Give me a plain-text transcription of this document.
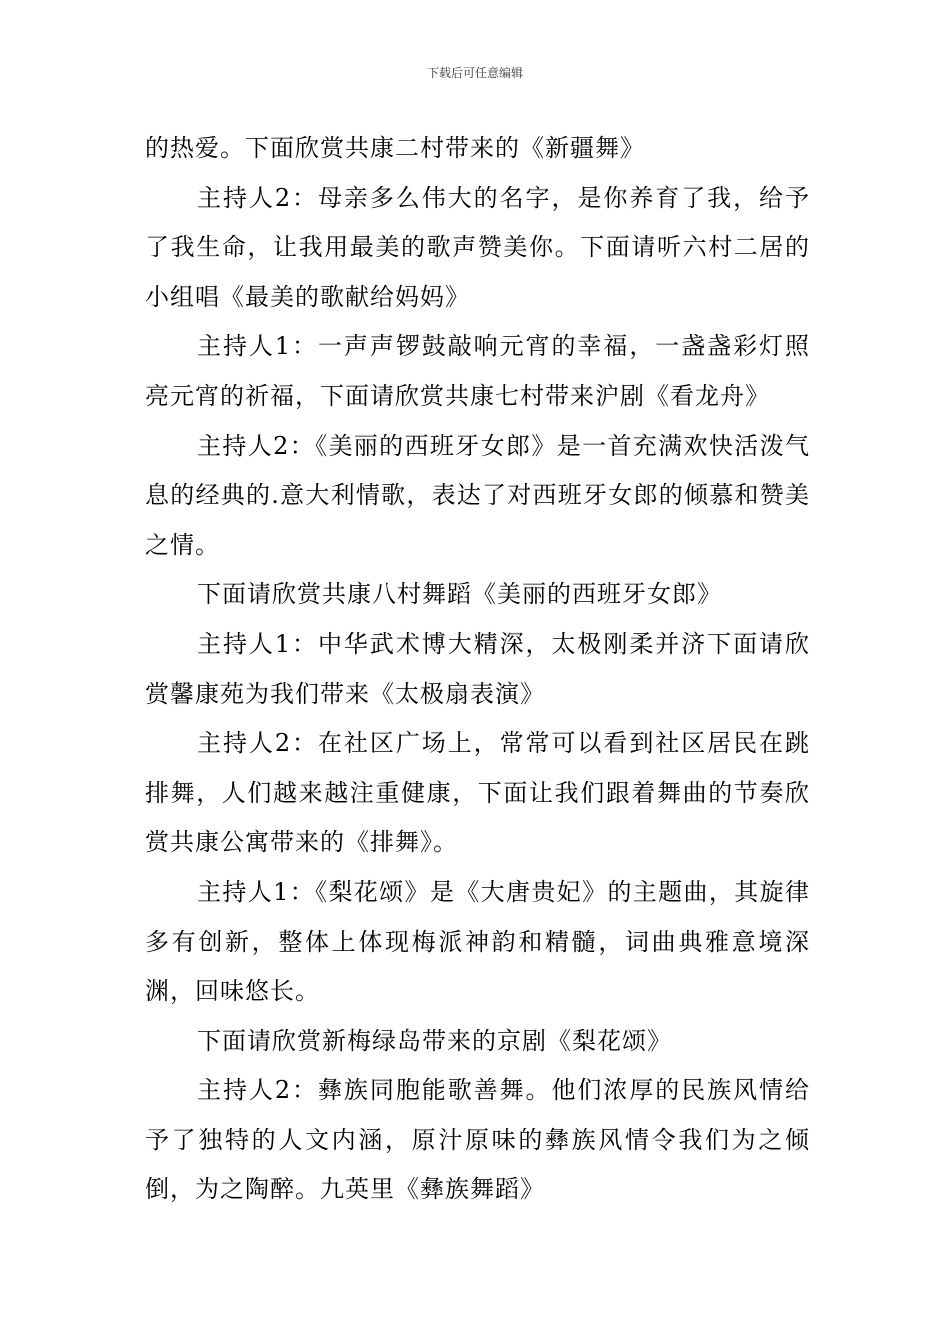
下载后可任意编辑

的热爱。下面欣赏共康二村带来的《新疆舞》

主持人2：母亲多么伟大的名字，是你养育了我，给予了我生命，让我用最美的歌声赞美你。下面请听六村二居的小组唱《最美的歌献给妈妈》

主持人1：一声声锣鼓敲响元宵的幸福，一盏盏彩灯照亮元宵的祈福，下面请欣赏共康七村带来沪剧《看龙舟》

主持人2：《美丽的西班牙女郎》是一首充满欢快活泼气息的经典的.意大利情歌，表达了对西班牙女郎的倾慕和赞美之情。

下面请欣赏共康八村舞蹈《美丽的西班牙女郎》

主持人1：中华武术博大精深，太极刚柔并济下面请欣赏馨康苑为我们带来《太极扇表演》

主持人2：在社区广场上，常常可以看到社区居民在跳排舞，人们越来越注重健康，下面让我们跟着舞曲的节奏欣赏共康公寓带来的《排舞》。

主持人1：《梨花颂》是《大唐贵妃》的主题曲，其旋律多有创新，整体上体现梅派神韵和精髓，词曲典雅意境深渊，回味悠长。

下面请欣赏新梅绿岛带来的京剧《梨花颂》

主持人2：彝族同胞能歌善舞。他们浓厚的民族风情给予了独特的人文内涵，原汁原味的彝族风情令我们为之倾倒，为之陶醉。九英里《彝族舞蹈》
